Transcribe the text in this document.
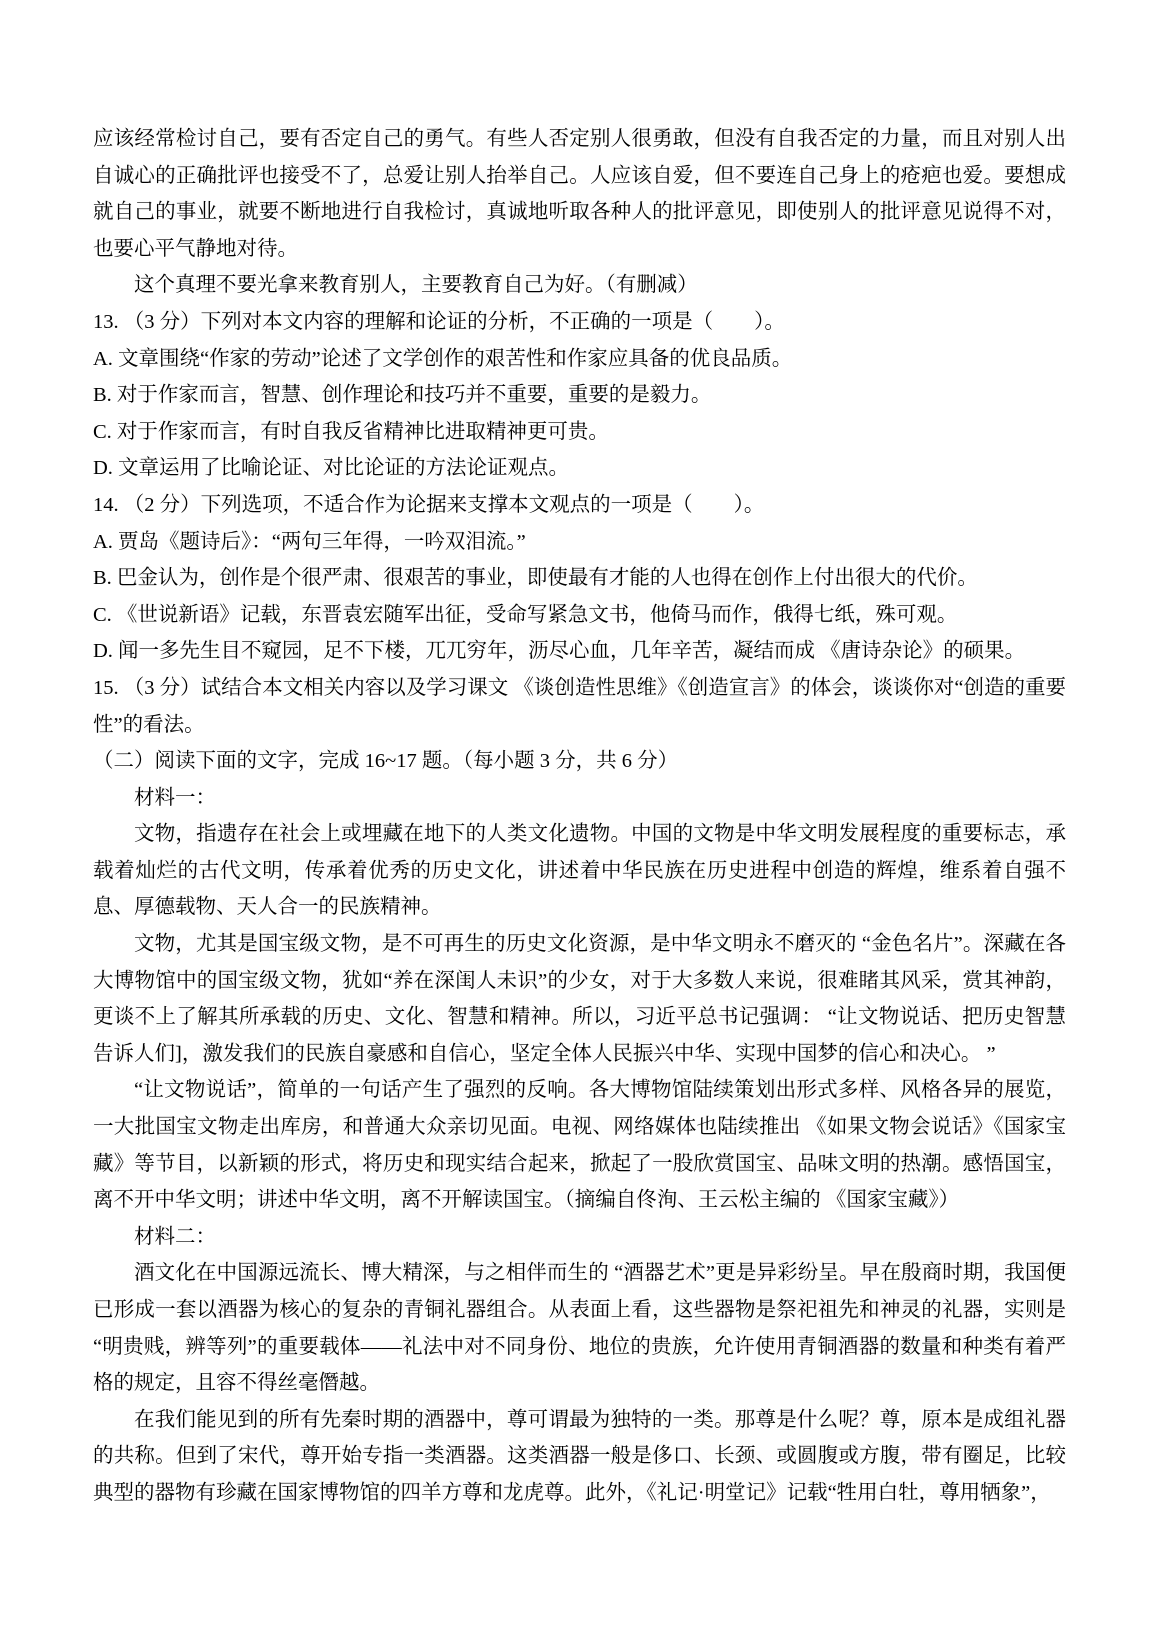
应该经常检讨自己，要有否定自己的勇气。有些人否定别人很勇敢，但没有自我否定的力量，而且对别人出自诚心的正确批评也接受不了，总爱让别人抬举自己。人应该自爱，但不要连自己身上的疮疤也爱。要想成就自己的事业，就要不断地进行自我检讨，真诚地听取各种人的批评意见，即使别人的批评意见说得不对，也要心平气静地对待。

这个真理不要光拿来教育别人，主要教育自己为好。（有删减）

13. （3 分）下列对本文内容的理解和论证的分析，不正确的一项是（　　）。

A. 文章围绕“作家的劳动”论述了文学创作的艰苦性和作家应具备的优良品质。

B. 对于作家而言，智慧、创作理论和技巧并不重要，重要的是毅力。

C. 对于作家而言，有时自我反省精神比进取精神更可贵。

D. 文章运用了比喻论证、对比论证的方法论证观点。

14. （2 分）下列选项，不适合作为论据来支撑本文观点的一项是（　　）。

A. 贾岛《题诗后》：“两句三年得，一吟双泪流。”

B. 巴金认为，创作是个很严肃、很艰苦的事业，即使最有才能的人也得在创作上付出很大的代价。

C. 《世说新语》记载，东晋袁宏随军出征，受命写紧急文书，他倚马而作，俄得七纸，殊可观。

D. 闻一多先生目不窥园，足不下楼，兀兀穷年，沥尽心血，几年辛苦，凝结而成 《唐诗杂论》的硕果。

15. （3 分）试结合本文相关内容以及学习课文 《谈创造性思维》《创造宣言》的体会，谈谈你对“创造的重要性”的看法。

（二）阅读下面的文字，完成 16~17 题。（每小题 3 分，共 6 分）

材料一：

文物，指遗存在社会上或埋藏在地下的人类文化遗物。中国的文物是中华文明发展程度的重要标志，承载着灿烂的古代文明，传承着优秀的历史文化，讲述着中华民族在历史进程中创造的辉煌，维系着自强不息、厚德载物、天人合一的民族精神。

文物，尤其是国宝级文物，是不可再生的历史文化资源，是中华文明永不磨灭的 “金色名片”。深藏在各大博物馆中的国宝级文物，犹如“养在深闺人未识”的少女，对于大多数人来说，很难睹其风采，赏其神韵，更谈不上了解其所承载的历史、文化、智慧和精神。所以，习近平总书记强调： “让文物说话、把历史智慧告诉人们]，激发我们的民族自豪感和自信心，坚定全体人民振兴中华、实现中国梦的信心和决心。 ”

“让文物说话”，简单的一句话产生了强烈的反响。各大博物馆陆续策划出形式多样、风格各异的展览，一大批国宝文物走出库房，和普通大众亲切见面。电视、网络媒体也陆续推出 《如果文物会说话》《国家宝藏》等节目，以新颖的形式，将历史和现实结合起来，掀起了一股欣赏国宝、品味文明的热潮。感悟国宝，离不开中华文明；讲述中华文明，离不开解读国宝。（摘编自佟洵、王云松主编的 《国家宝藏》）

材料二：

酒文化在中国源远流长、博大精深，与之相伴而生的 “酒器艺术”更是异彩纷呈。早在殷商时期，我国便已形成一套以酒器为核心的复杂的青铜礼器组合。从表面上看，这些器物是祭祀祖先和神灵的礼器，实则是“明贵贱，辨等列”的重要载体——礼法中对不同身份、地位的贵族，允许使用青铜酒器的数量和种类有着严格的规定，且容不得丝毫僭越。

在我们能见到的所有先秦时期的酒器中，尊可谓最为独特的一类。那尊是什么呢？尊，原本是成组礼器的共称。但到了宋代，尊开始专指一类酒器。这类酒器一般是侈口、长颈、或圆腹或方腹，带有圈足，比较典型的器物有珍藏在国家博物馆的四羊方尊和龙虎尊。此外，《礼记·明堂记》记载“牲用白牡，尊用牺象”，
